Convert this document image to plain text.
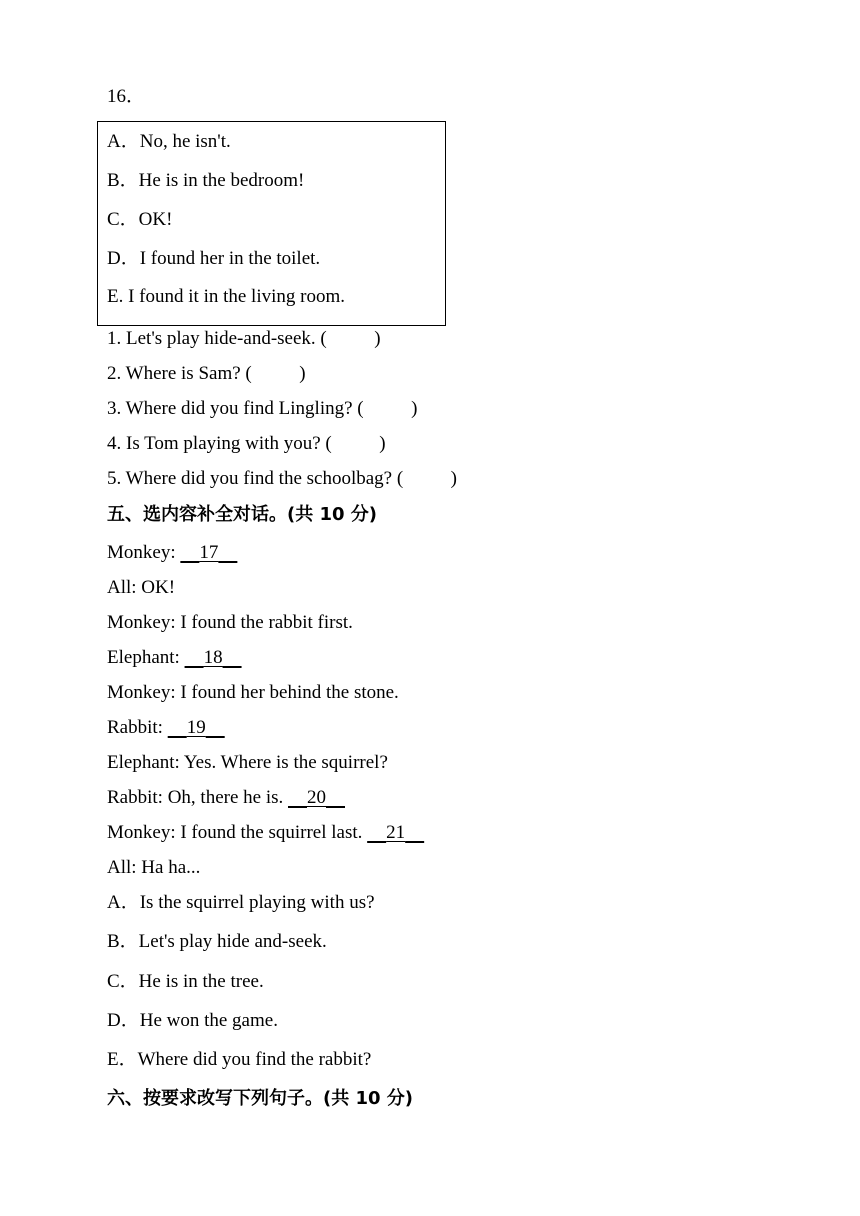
16．
A．No, he isn't.
B．He is in the bedroom!
C．OK!
D．I found her in the toilet.
E. I found it in the living room.
1. Let's play hide-and-seek. (          )
2. Where is Sam? (          )
3. Where did you find Lingling? (          )
4. Is Tom playing with you? (          )
5. Where did you find the schoolbag? (          )
五、选内容补全对话。(共 10 分)
Monkey:     17
All: OK!
Monkey: I found the rabbit first.
Elephant:     18
Monkey: I found her behind the stone.
Rabbit:     19
Elephant: Yes. Where is the squirrel?
Rabbit: Oh, there he is.     20
Monkey: I found the squirrel last.     21
All: Ha ha...
A．Is the squirrel playing with us?
B．Let's play hide and-seek.
C．He is in the tree.
D．He won the game.
E．Where did you find the rabbit?
六、按要求改写下列句子。(共 10 分)
